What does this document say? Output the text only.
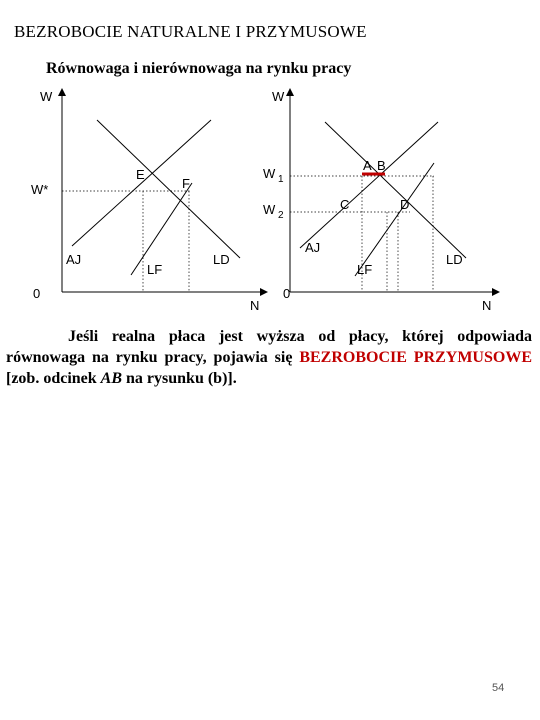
BEZROBOCIE NATURALNE I PRZYMUSOWE
Równowaga i nierównowaga na rynku pracy
W
N
0
W*
E
F
AJ
LF
LD
W
N
0
W 1
W 2
A B
C	D
AJ
LF
LD
Jeśli realna płaca jest wyższa od płacy, której odpowiada równowaga na rynku pracy, pojawia się BEZROBOCIE PRZYMUSOWE [zob. odcinek AB na rysunku (b)].
54
